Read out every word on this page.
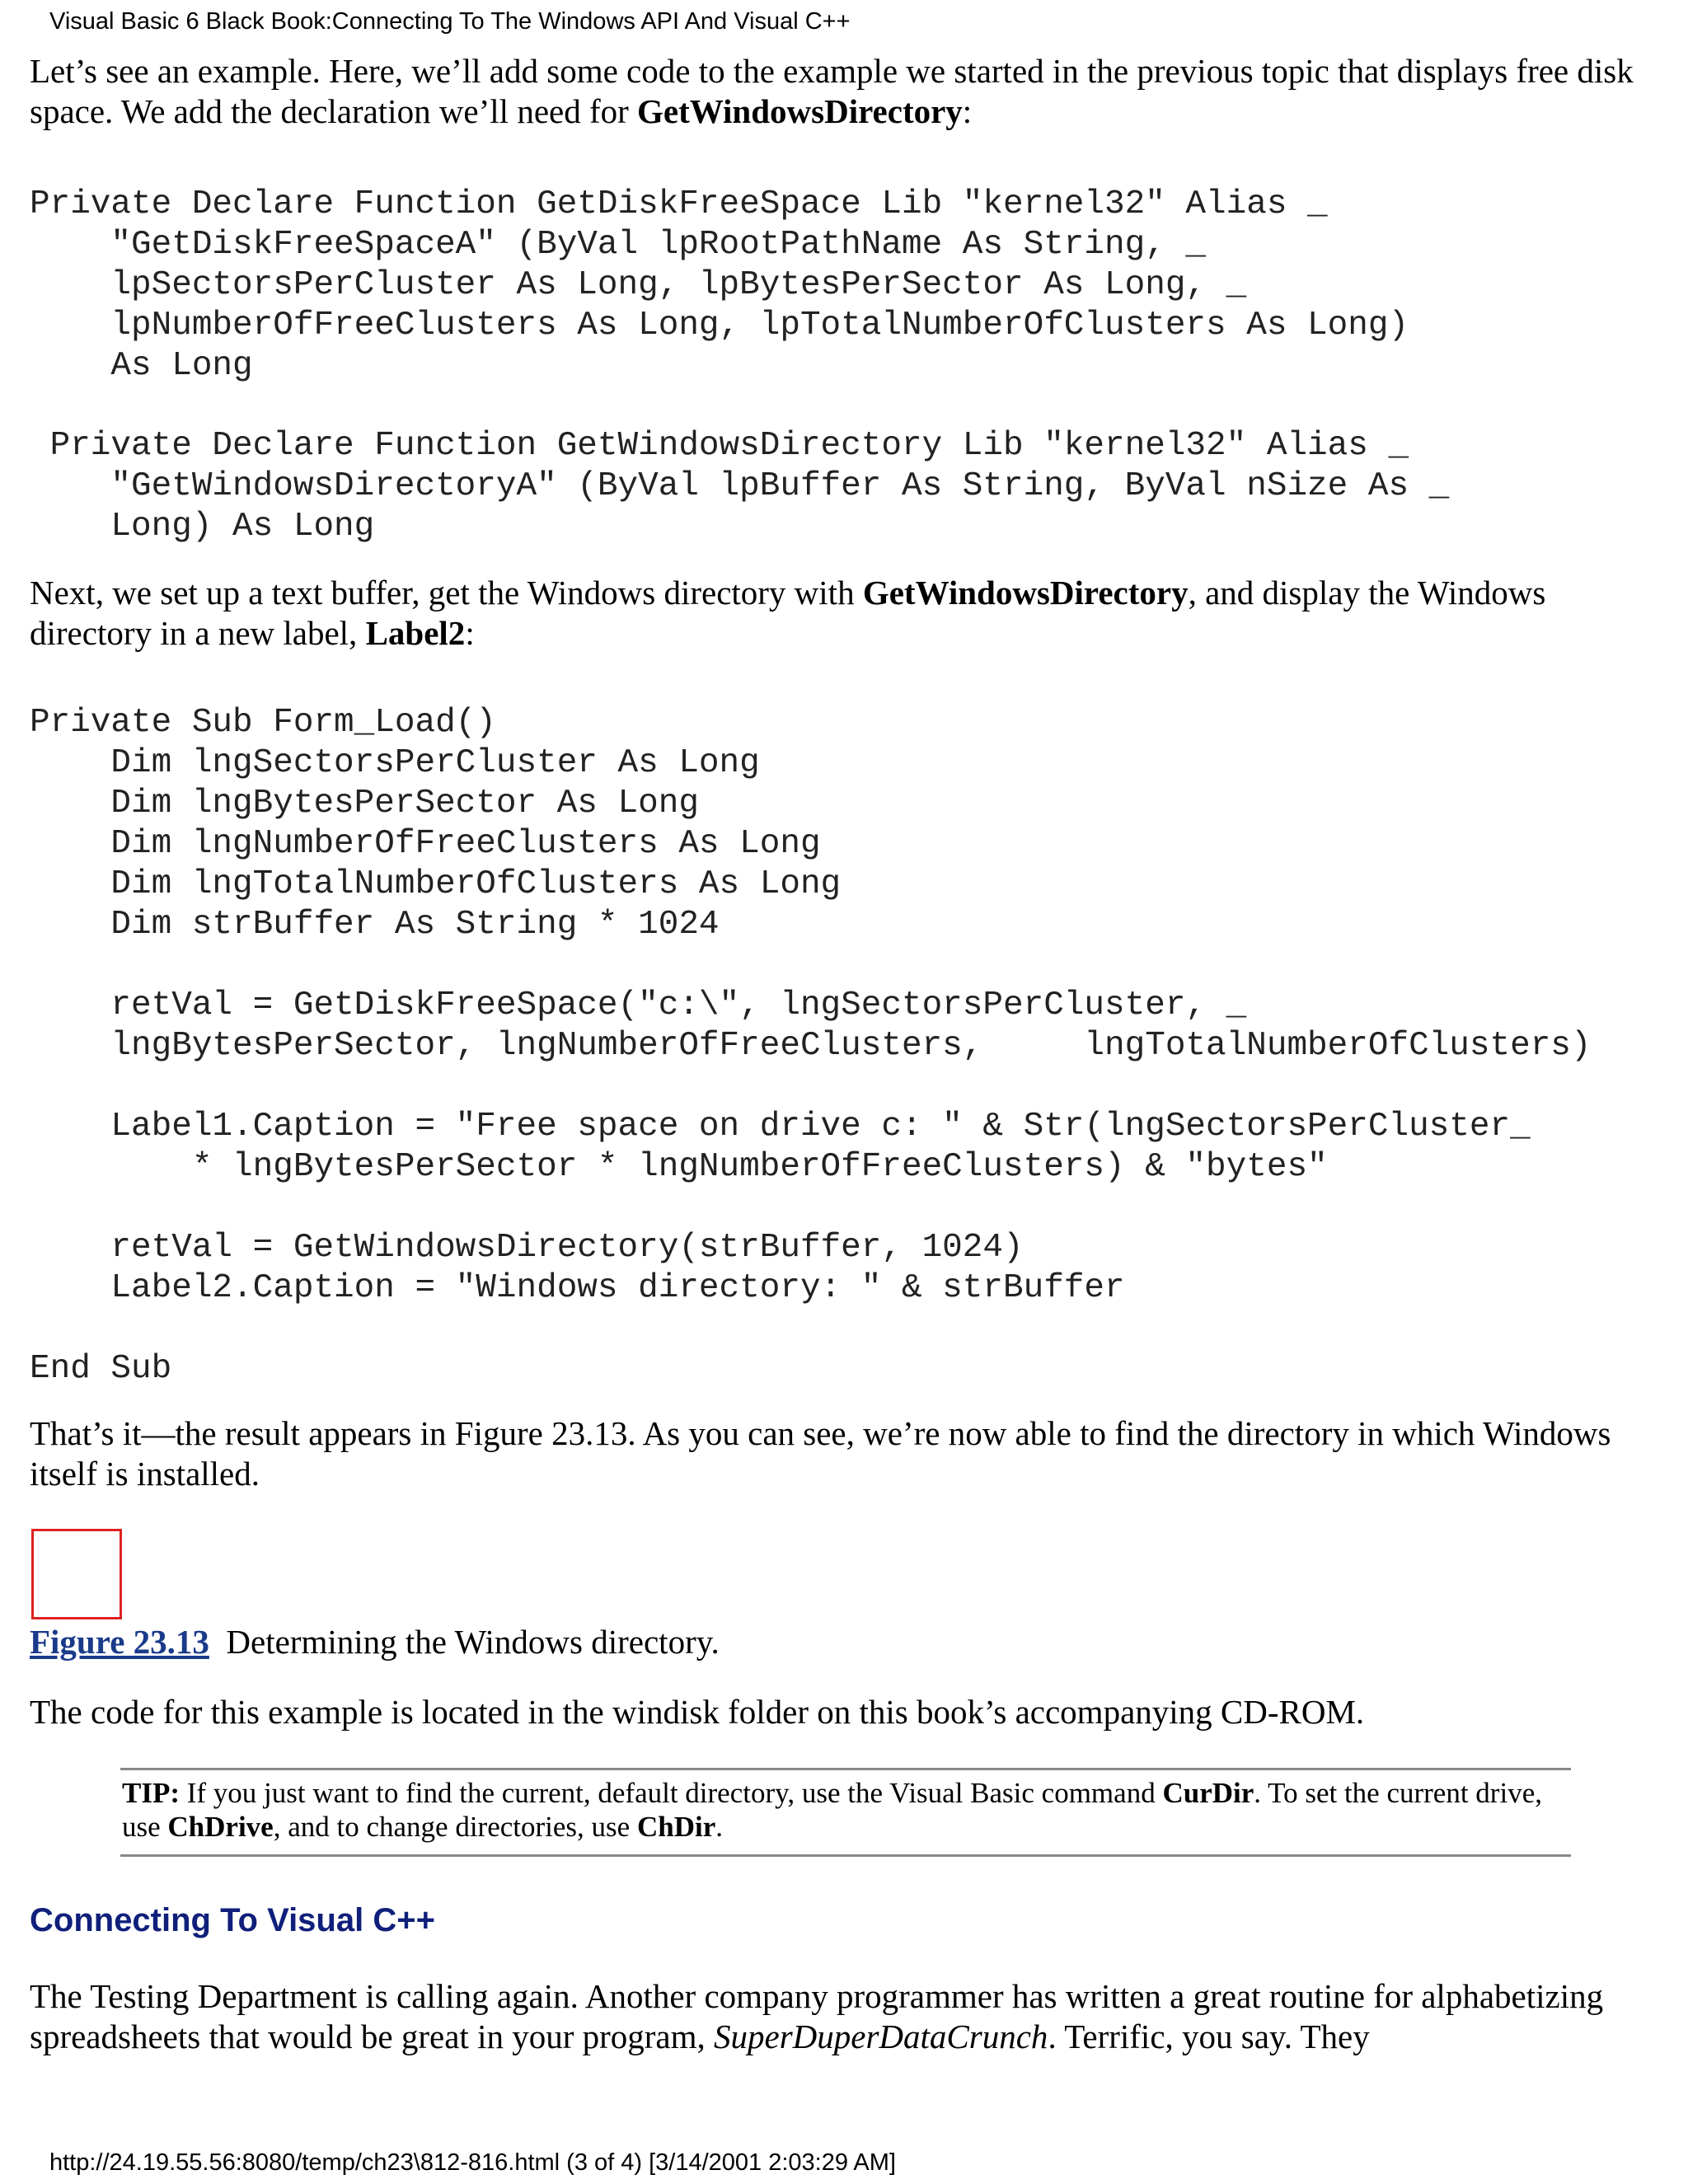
Visual Basic 6 Black Book:Connecting To The Windows API And Visual C++

Let’s see an example. Here, we’ll add some code to the example we started in the previous topic that displays free disk space. We add the declaration we’ll need for GetWindowsDirectory:

Private Declare Function GetDiskFreeSpace Lib "kernel32" Alias _
"GetDiskFreeSpaceA" (ByVal lpRootPathName As String, _
lpSectorsPerCluster As Long, lpBytesPerSector As Long, _
lpNumberOfFreeClusters As Long, lpTotalNumberOfClusters As Long)
As Long
Private Declare Function GetWindowsDirectory Lib "kernel32" Alias _
"GetWindowsDirectoryA" (ByVal lpBuffer As String, ByVal nSize As _
Long) As Long

Next, we set up a text buffer, get the Windows directory with GetWindowsDirectory, and display the Windows directory in a new label, Label2:

Private Sub Form_Load()
Dim lngSectorsPerCluster As Long
Dim lngBytesPerSector As Long
Dim lngNumberOfFreeClusters As Long
Dim lngTotalNumberOfClusters As Long
Dim strBuffer As String * 1024

retVal = GetDiskFreeSpace("c:\", lngSectorsPerCluster, _
lngBytesPerSector, lngNumberOfFreeClusters,     lngTotalNumberOfClusters)

Label1.Caption = "Free space on drive c: " & Str(lngSectorsPerCluster_
* lngBytesPerSector * lngNumberOfFreeClusters) & "bytes"

retVal = GetWindowsDirectory(strBuffer, 1024)
Label2.Caption = "Windows directory: " & strBuffer

End Sub

That’s it—the result appears in Figure 23.13. As you can see, we’re now able to find the directory in which Windows itself is installed.

Figure 23.13 Determining the Windows directory.

The code for this example is located in the windisk folder on this book’s accompanying CD-ROM.

TIP: If you just want to find the current, default directory, use the Visual Basic command CurDir. To set the current drive, use ChDrive, and to change directories, use ChDir.
Connecting To Visual C++

The Testing Department is calling again. Another company programmer has written a great routine for alphabetizing spreadsheets that would be great in your program, SuperDuperDataCrunch. Terrific, you say. They

http://24.19.55.56:8080/temp/ch23\812-816.html (3 of 4) [3/14/2001 2:03:29 AM]
